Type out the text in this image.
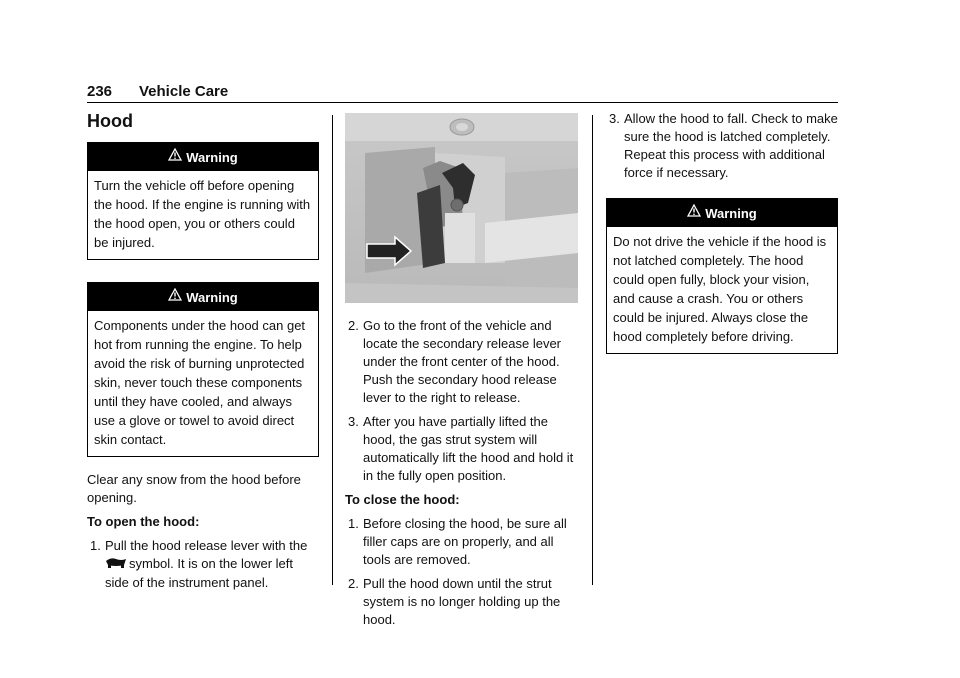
236 Vehicle Care
Hood
Warning
Turn the vehicle off before opening the hood. If the engine is running with the hood open, you or others could be injured.
Warning
Components under the hood can get hot from running the engine. To help avoid the risk of burning unprotected skin, never touch these components until they have cooled, and always use a glove or towel to avoid direct skin contact.

Clear any snow from the hood before opening.

To open the hood:

1. Pull the hood release lever with the
symbol. It is on the lower left side of the instrument panel.
2. Go to the front of the vehicle and locate the secondary release lever under the front center of the hood. Push the secondary hood release lever to the right to release.
3. After you have partially lifted the hood, the gas strut system will automatically lift the hood and hold it in the fully open position.

To close the hood:

1. Before closing the hood, be sure all filler caps are on properly, and all tools are removed.
2. Pull the hood down until the strut system is no longer holding up the hood.
3. Allow the hood to fall. Check to make sure the hood is latched completely. Repeat this process with additional force if necessary.
Warning
Do not drive the vehicle if the hood is not latched completely. The hood could open fully, block your vision, and cause a crash. You or others could be injured. Always close the hood completely before driving.
